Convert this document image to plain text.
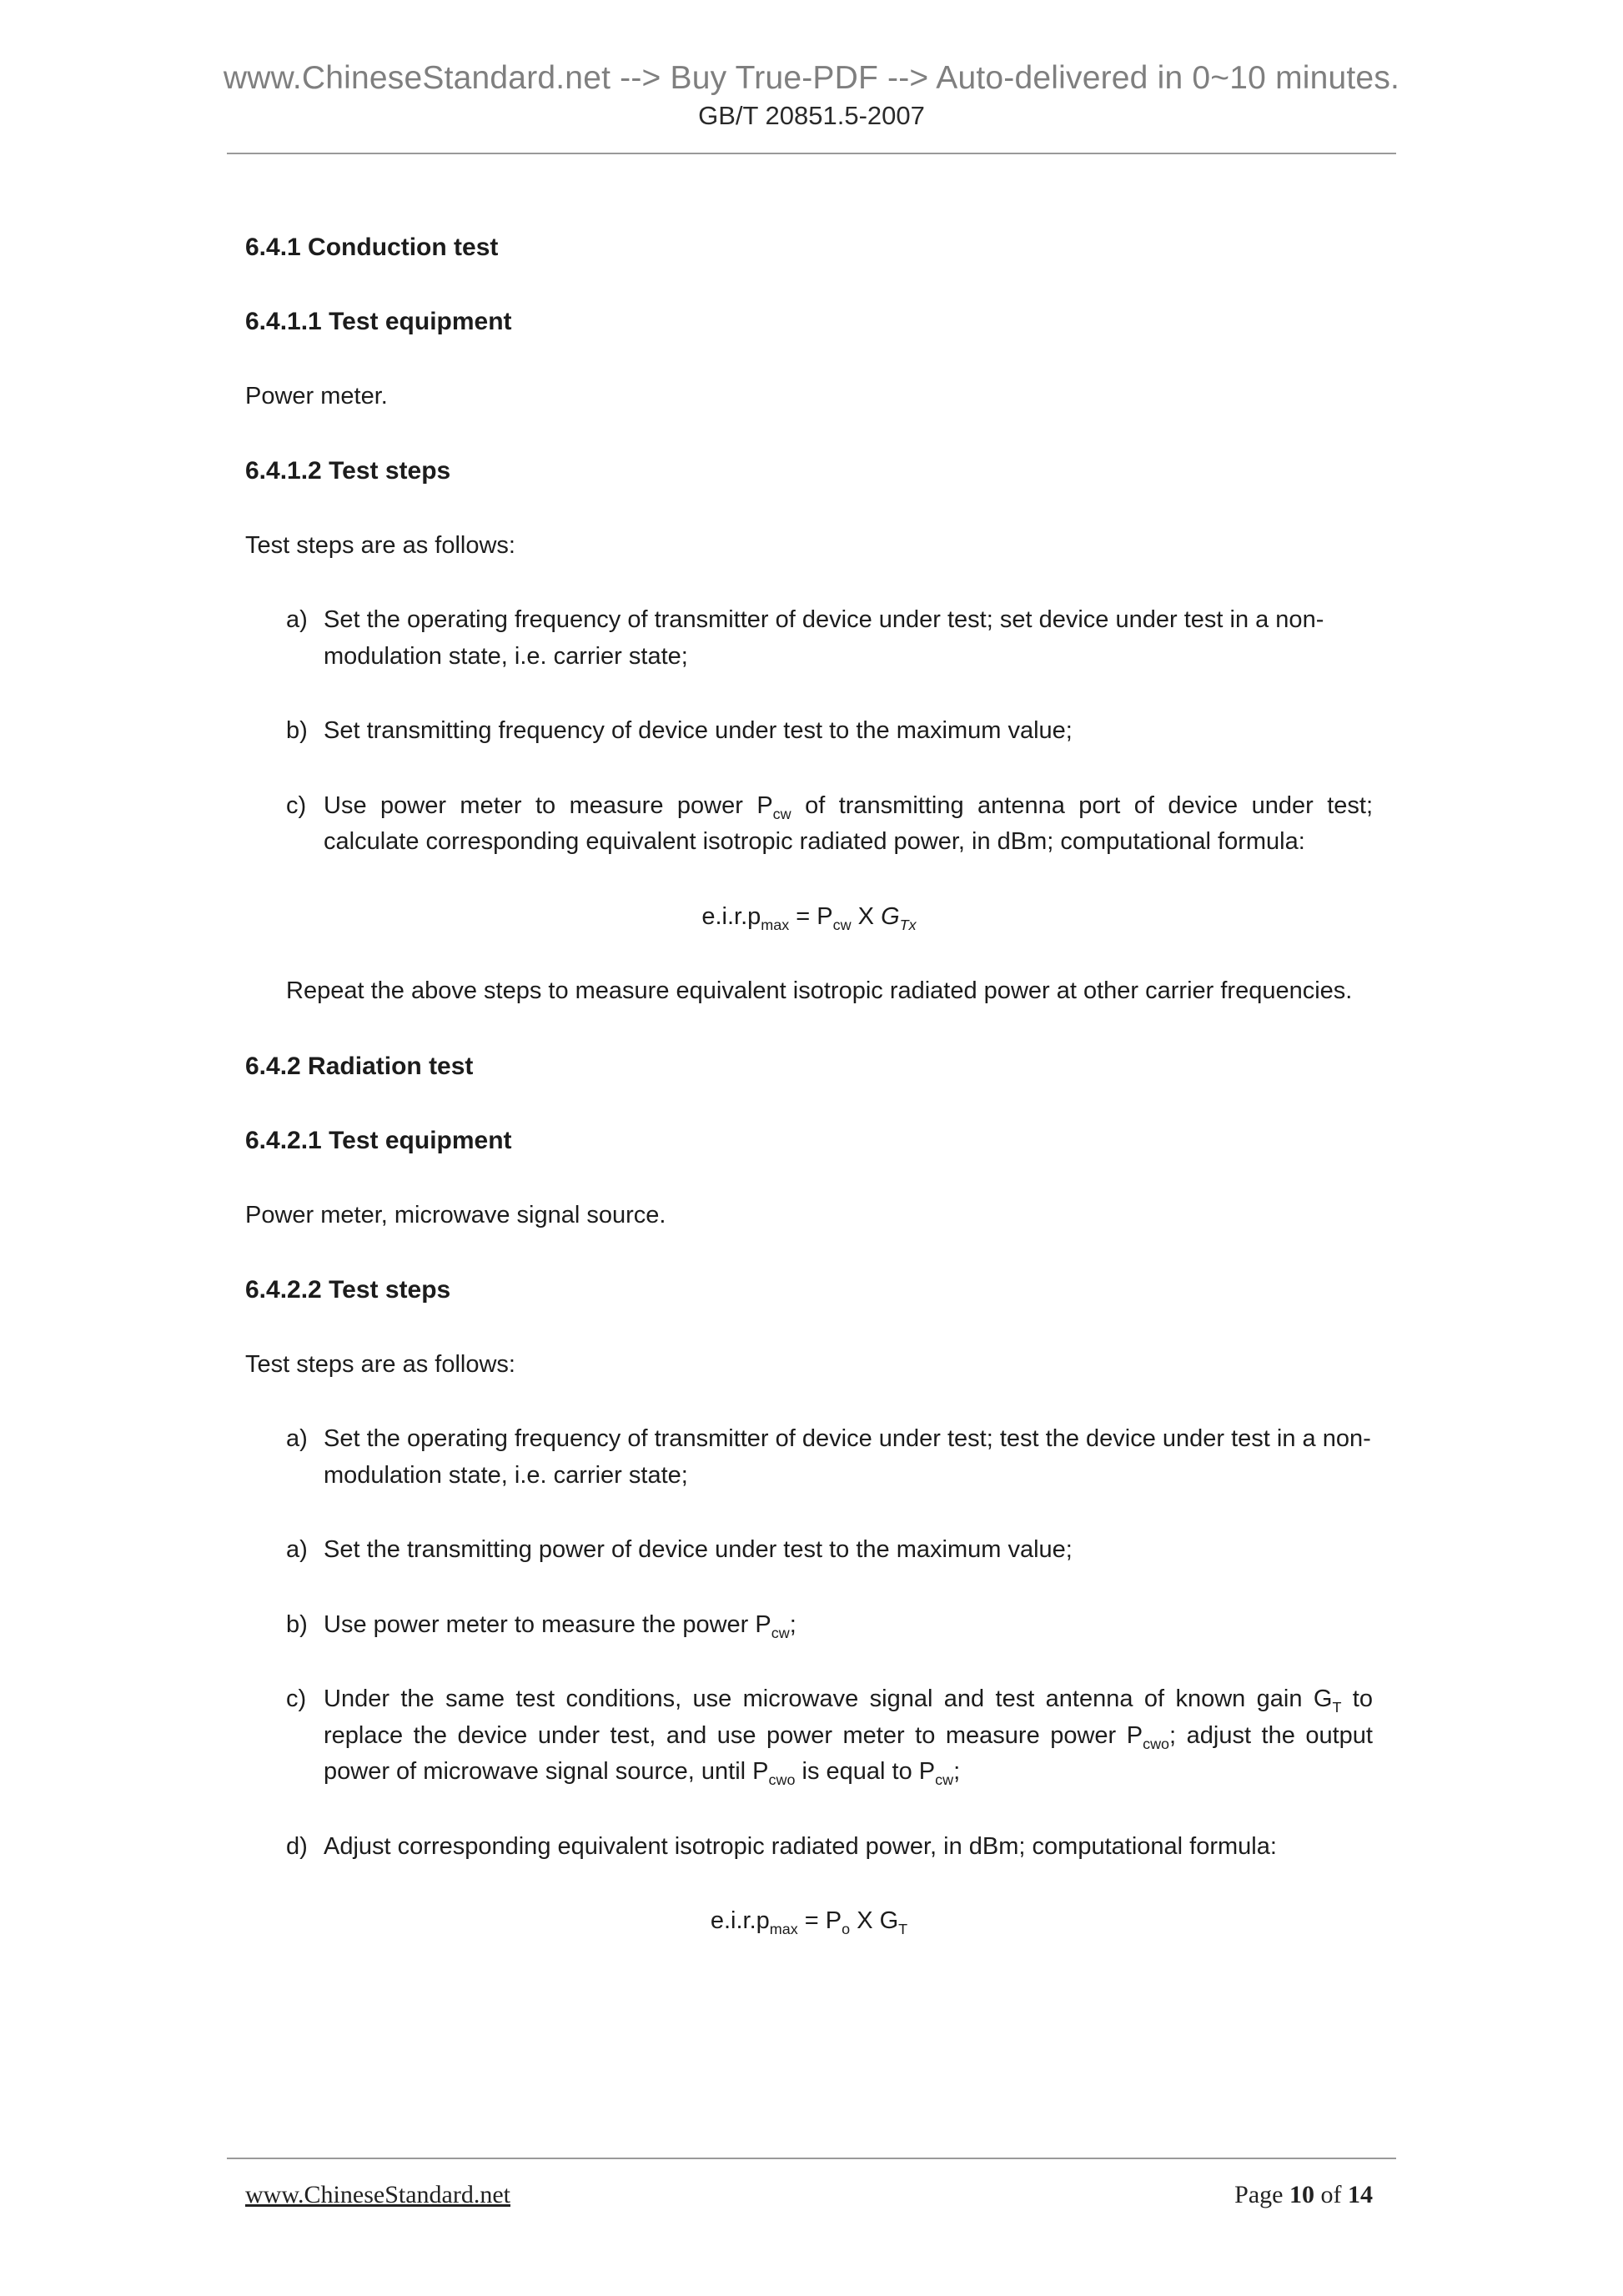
www.ChineseStandard.net --> Buy True-PDF --> Auto-delivered in 0~10 minutes.
GB/T 20851.5-2007
6.4.1 Conduction test
6.4.1.1 Test equipment

Power meter.

6.4.1.2 Test steps

Test steps are as follows:

a) Set the operating frequency of transmitter of device under test; set device under test in a non-modulation state, i.e. carrier state;

b) Set transmitting frequency of device under test to the maximum value;

c) Use power meter to measure power $P_{cw}$ of transmitting antenna port of device under test; calculate corresponding equivalent isotropic radiated power, in dBm; computational formula:

$e.i.r.p_{max} = P_{cw}$ X $G_{Tx}$

Repeat the above steps to measure equivalent isotropic radiated power at other carrier frequencies.

6.4.2 Radiation test
6.4.2.1 Test equipment

Power meter, microwave signal source.

6.4.2.2 Test steps

Test steps are as follows:

a) Set the operating frequency of transmitter of device under test; test the device under test in a non-modulation state, i.e. carrier state;

a) Set the transmitting power of device under test to the maximum value;

b) Use power meter to measure the power $P_{cw}$;

c) Under the same test conditions, use microwave signal and test antenna of known gain $G_T$ to replace the device under test, and use power meter to measure power $P_{cwo}$; adjust the output power of microwave signal source, until $P_{cwo}$ is equal to $P_{cw}$;

d) Adjust corresponding equivalent isotropic radiated power, in dBm; computational formula:

$e.i.r.p_{max} = P_o$ X $G_T$

www.ChineseStandard.net	Page 10 of 14
